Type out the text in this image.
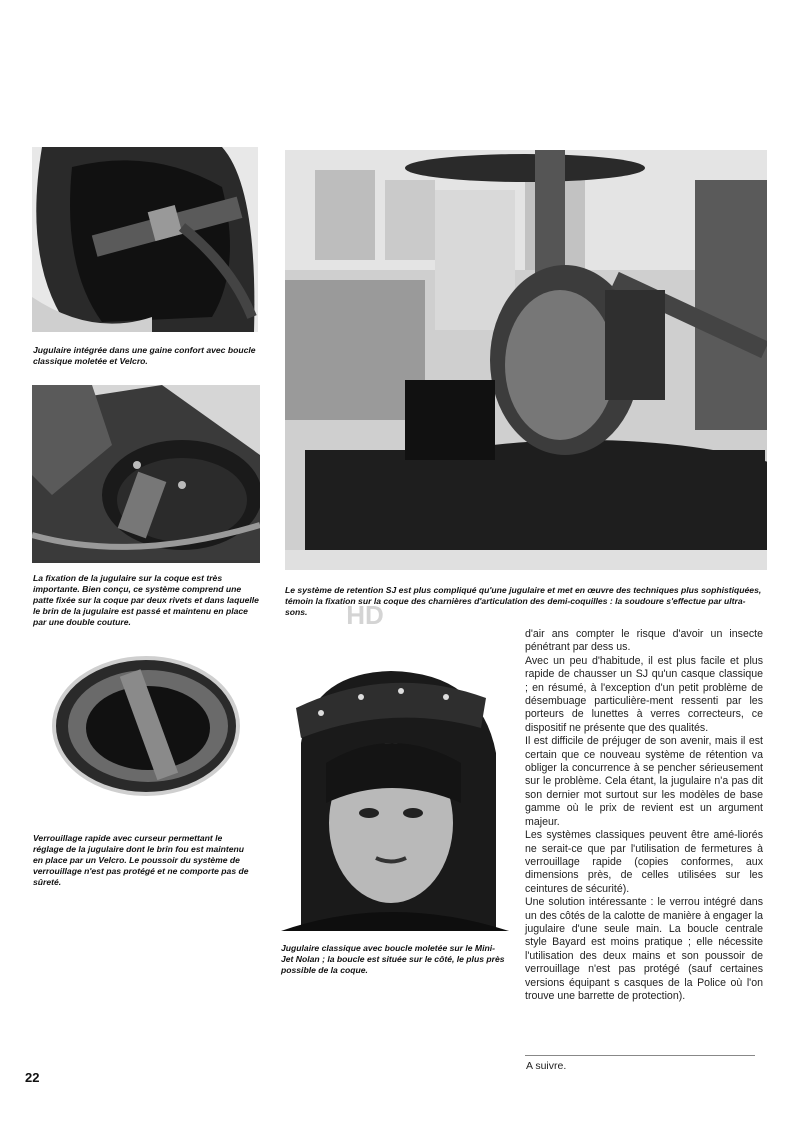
Jugulaire intégrée dans une gaine confort avec boucle classique moletée et Velcro.

La fixation de la jugulaire sur la coque est très importante. Bien conçu, ce système comprend une patte fixée sur la coque par deux rivets et dans laquelle le brin de la jugulaire est passé et maintenu en place par une double couture.

Le système de retention SJ est plus compliqué qu'une jugulaire et met en œuvre des techniques plus sophistiquées, témoin la fixation sur la coque des charnières d'articulation des demi-coquilles : la soudoure s'effectue par ultra-sons.	HD

Verrouillage rapide avec curseur permettant le réglage de la jugulaire dont le brin fou est maintenu en place par un Velcro. Le poussoir du système de verrouillage n'est pas protégé et ne comporte pas de sûreté.

Jugulaire classique avec boucle moletée sur le Mini-Jet Nolan ; la boucle est située sur le côté, le plus près possible de la coque.

d'air ans compter le risque d'avoir un insecte pénétrant par dess us.

Avec un peu d'habitude, il est plus facile et plus rapide de chausser un SJ qu'un casque classique ; en résumé, à l'exception d'un petit problème de désembuage particulière-ment ressenti par les porteurs de lunettes à verres correcteurs, ce dispositif ne présente que des qualités.

Il est difficile de préjuger de son avenir, mais il est certain que ce nouveau système de rétention va obliger la concurrence à se pencher sérieusement sur le problème. Cela étant, la jugulaire n'a pas dit son dernier mot surtout sur les modèles de base gamme où le prix de revient est un argument majeur.

Les systèmes classiques peuvent être amé-liorés ne serait-ce que par l'utilisation de fermetures à verrouillage rapide (copies conformes, aux dimensions près, de celles utilisées sur les ceintures de sécurité).

Une solution intéressante : le verrou intégré dans un des côtés de la calotte de manière à engager la jugulaire d'une seule main. La boucle centrale style Bayard est moins pratique ; elle nécessite l'utilisation des deux mains et son poussoir de verrouillage n'est pas protégé (sauf certaines versions équipant s casques de la Police où l'on trouve une barrette de protection).

A suivre.
22
